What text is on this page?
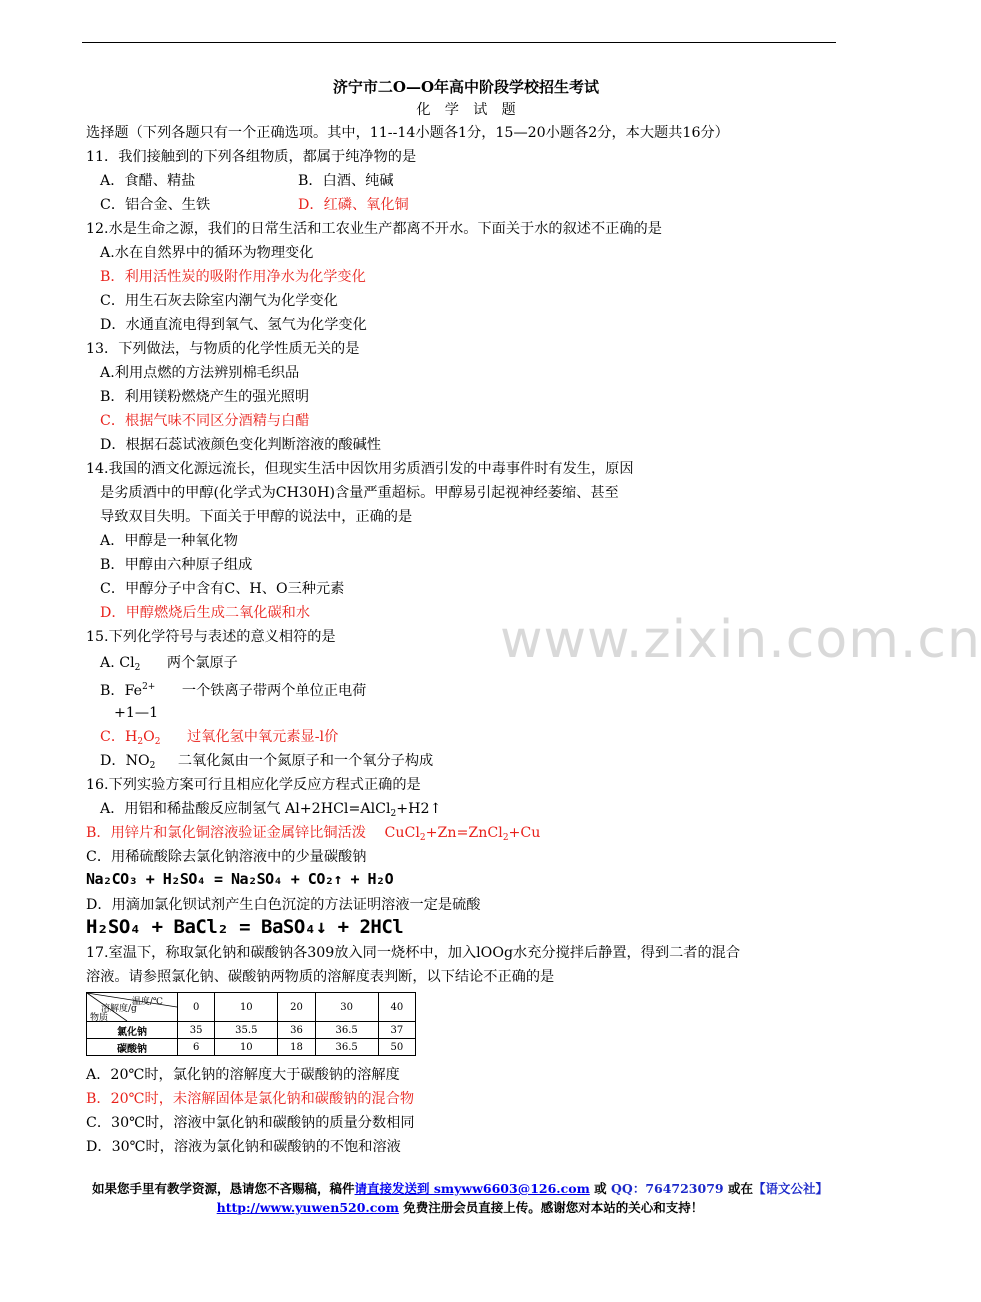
济宁市二O—O年高中阶段学校招生考试
化　学　试　题
选择题（下列各题只有一个正确选项。其中，11--14小题各1分，15—20小题各2分，本大题共16分）
11．我们接触到的下列各组物质，都属于纯净物的是
A．食醋、精盐	B．白酒、纯碱
C．铝合金、生铁	D．红磷、氧化铜
12.水是生命之源，我们的日常生活和工农业生产都离不开水。下面关于水的叙述不正确的是
A.水在自然界中的循环为物理变化
B．利用活性炭的吸附作用净水为化学变化
C．用生石灰去除室内潮气为化学变化
D．水通直流电得到氧气、氢气为化学变化
13．下列做法，与物质的化学性质无关的是
A.利用点燃的方法辨别棉毛织品
B．利用镁粉燃烧产生的强光照明
C．根据气味不同区分酒精与白醋
D．根据石蕊试液颜色变化判断溶液的酸碱性
14.我国的酒文化源远流长，但现实生活中因饮用劣质酒引发的中毒事件时有发生，原因
是劣质酒中的甲醇(化学式为CH30H)含量严重超标。甲醇易引起视神经萎缩、甚至
导致双目失明。下面关于甲醇的说法中，正确的是
A．甲醇是一种氧化物
B．甲醇由六种原子组成
C．甲醇分子中含有C、H、O三种元素
D．甲醇燃烧后生成二氧化碳和水
15.下列化学符号与表述的意义相符的是
A. $Cl_2$ 两个氯原子
B．$Fe^{2+}$ 一个铁离子带两个单位正电荷
+1—1
C．$H_2O_2$ 过氧化氢中氧元素显-l价
D．$NO_2$ 二氧化氮由一个氮原子和一个氧分子构成
16.下列实验方案可行且相应化学反应方程式正确的是
A．用铝和稀盐酸反应制氢气 Al+2HCl=AlCl$_2$+H2↑
B．用锌片和氯化铜溶液验证金属锌比铜活泼 CuCl$_2$+Zn=ZnCl$_2$+Cu
C．用稀硫酸除去氯化钠溶液中的少量碳酸钠
Na₂CO₃ + H₂SO₄ = Na₂SO₄ + CO₂↑ + H₂O
D．用滴加氯化钡试剂产生白色沉淀的方法证明溶液一定是硫酸
H₂SO₄ + BaCl₂ = BaSO₄↓ + 2HCl
17.室温下，称取氯化钠和碳酸钠各309放入同一烧杯中，加入lOOg水充分搅拌后静置，得到二者的混合
溶液。请参照氯化钠、碳酸钠两物质的溶解度表判断，以下结论不正确的是
温度/℃
溶解度/g
物质	0	10	20	30	40
氯化钠	35	35.5	36	36.5	37
碳酸钠	6	10	18	36.5	50
A．20℃时，氯化钠的溶解度大于碳酸钠的溶解度
B．20℃时，未溶解固体是氯化钠和碳酸钠的混合物
C．30℃时，溶液中氯化钠和碳酸钠的质量分数相同
D．30℃时，溶液为氯化钠和碳酸钠的不饱和溶液
www.zixin.com.cn
如果您手里有教学资源，恳请您不吝赐稿，稿件请直接发送到 smyww6603@126.com 或 QQ：764723079 或在【语文公社】
http://www.yuwen520.com 免费注册会员直接上传。感谢您对本站的关心和支持！
